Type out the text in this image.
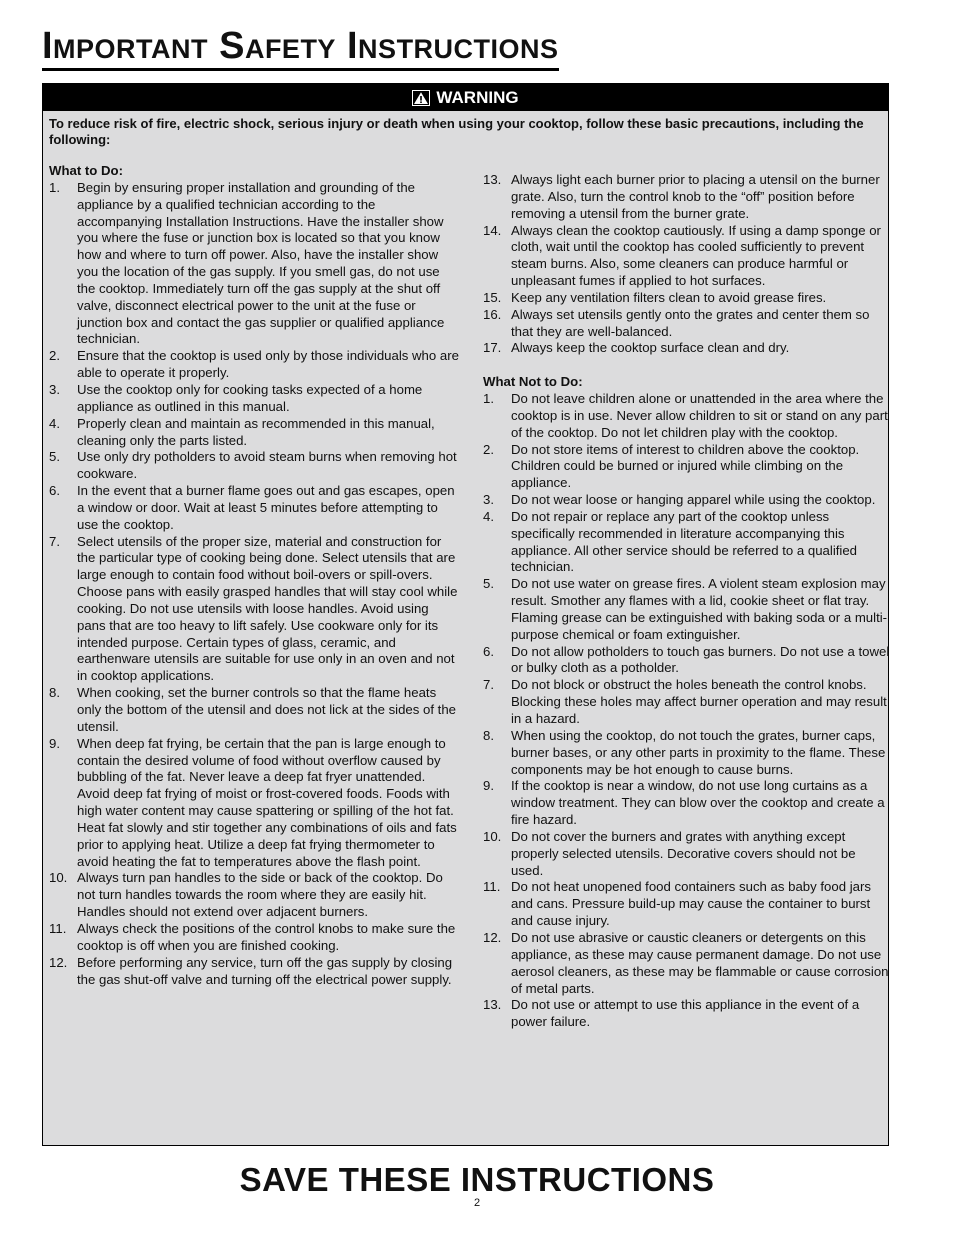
Important Safety Instructions
WARNING

To reduce risk of fire, electric shock, serious injury or death when using your cooktop, follow these basic precautions, including the following:

What to Do:

1. Begin by ensuring proper installation and grounding of the appliance by a qualified technician according to the accompanying Installation Instructions. Have the installer show you where the fuse or junction box is located so that you know how and where to turn off power. Also, have the installer show you the location of the gas supply. If you smell gas, do not use the cooktop. Immediately turn off the gas supply at the shut off valve, disconnect electrical power to the unit at the fuse or junction box and contact the gas supplier or qualified appliance technician.
2. Ensure that the cooktop is used only by those individuals who are able to operate it properly.
3. Use the cooktop only for cooking tasks expected of a home appliance as outlined in this manual.
4. Properly clean and maintain as recommended in this manual, cleaning only the parts listed.
5. Use only dry potholders to avoid steam burns when removing hot cookware.
6. In the event that a burner flame goes out and gas escapes, open a window or door. Wait at least 5 minutes before attempting to use the cooktop.
7. Select utensils of the proper size, material and construction for the particular type of cooking being done. Select utensils that are large enough to contain food without boil-overs or spill-overs. Choose pans with easily grasped handles that will stay cool while cooking. Do not use utensils with loose handles. Avoid using pans that are too heavy to lift safely. Use cookware only for its intended purpose. Certain types of glass, ceramic, and earthenware utensils are suitable for use only in an oven and not in cooktop applications.
8. When cooking, set the burner controls so that the flame heats only the bottom of the utensil and does not lick at the sides of the utensil.
9. When deep fat frying, be certain that the pan is large enough to contain the desired volume of food without overflow caused by bubbling of the fat. Never leave a deep fat fryer unattended. Avoid deep fat frying of moist or frost-covered foods. Foods with high water content may cause spattering or spilling of the hot fat. Heat fat slowly and stir together any combinations of oils and fats prior to applying heat. Utilize a deep fat frying thermometer to avoid heating the fat to temperatures above the flash point.
10. Always turn pan handles to the side or back of the cooktop. Do not turn handles towards the room where they are easily hit. Handles should not extend over adjacent burners.
11. Always check the positions of the control knobs to make sure the cooktop is off when you are finished cooking.
12. Before performing any service, turn off the gas supply by closing the gas shut-off valve and turning off the electrical power supply.
13. Always light each burner prior to placing a utensil on the burner grate. Also, turn the control knob to the “off” position before removing a utensil from the burner grate.
14. Always clean the cooktop cautiously. If using a damp sponge or cloth, wait until the cooktop has cooled sufficiently to prevent steam burns. Also, some cleaners can produce harmful or unpleasant fumes if applied to hot surfaces.
15. Keep any ventilation filters clean to avoid grease fires.
16. Always set utensils gently onto the grates and center them so that they are well-balanced.
17. Always keep the cooktop surface clean and dry.

What Not to Do:

1. Do not leave children alone or unattended in the area where the cooktop is in use. Never allow children to sit or stand on any part of the cooktop. Do not let children play with the cooktop.
2. Do not store items of interest to children above the cooktop. Children could be burned or injured while climbing on the appliance.
3. Do not wear loose or hanging apparel while using the cooktop.
4. Do not repair or replace any part of the cooktop unless specifically recommended in literature accompanying this appliance. All other service should be referred to a qualified technician.
5. Do not use water on grease fires. A violent steam explosion may result. Smother any flames with a lid, cookie sheet or flat tray. Flaming grease can be extinguished with baking soda or a multi-purpose chemical or foam extinguisher.
6. Do not allow potholders to touch gas burners. Do not use a towel or bulky cloth as a potholder.
7. Do not block or obstruct the holes beneath the control knobs. Blocking these holes may affect burner operation and may result in a hazard.
8. When using the cooktop, do not touch the grates, burner caps, burner bases, or any other parts in proximity to the flame. These components may be hot enough to cause burns.
9. If the cooktop is near a window, do not use long curtains as a window treatment. They can blow over the cooktop and create a fire hazard.
10. Do not cover the burners and grates with anything except properly selected utensils. Decorative covers should not be used.
11. Do not heat unopened food containers such as baby food jars and cans. Pressure build-up may cause the container to burst and cause injury.
12. Do not use abrasive or caustic cleaners or detergents on this appliance, as these may cause permanent damage. Do not use aerosol cleaners, as these may be flammable or cause corrosion of metal parts.
13. Do not use or attempt to use this appliance in the event of a power failure.
SAVE THESE INSTRUCTIONS
2
